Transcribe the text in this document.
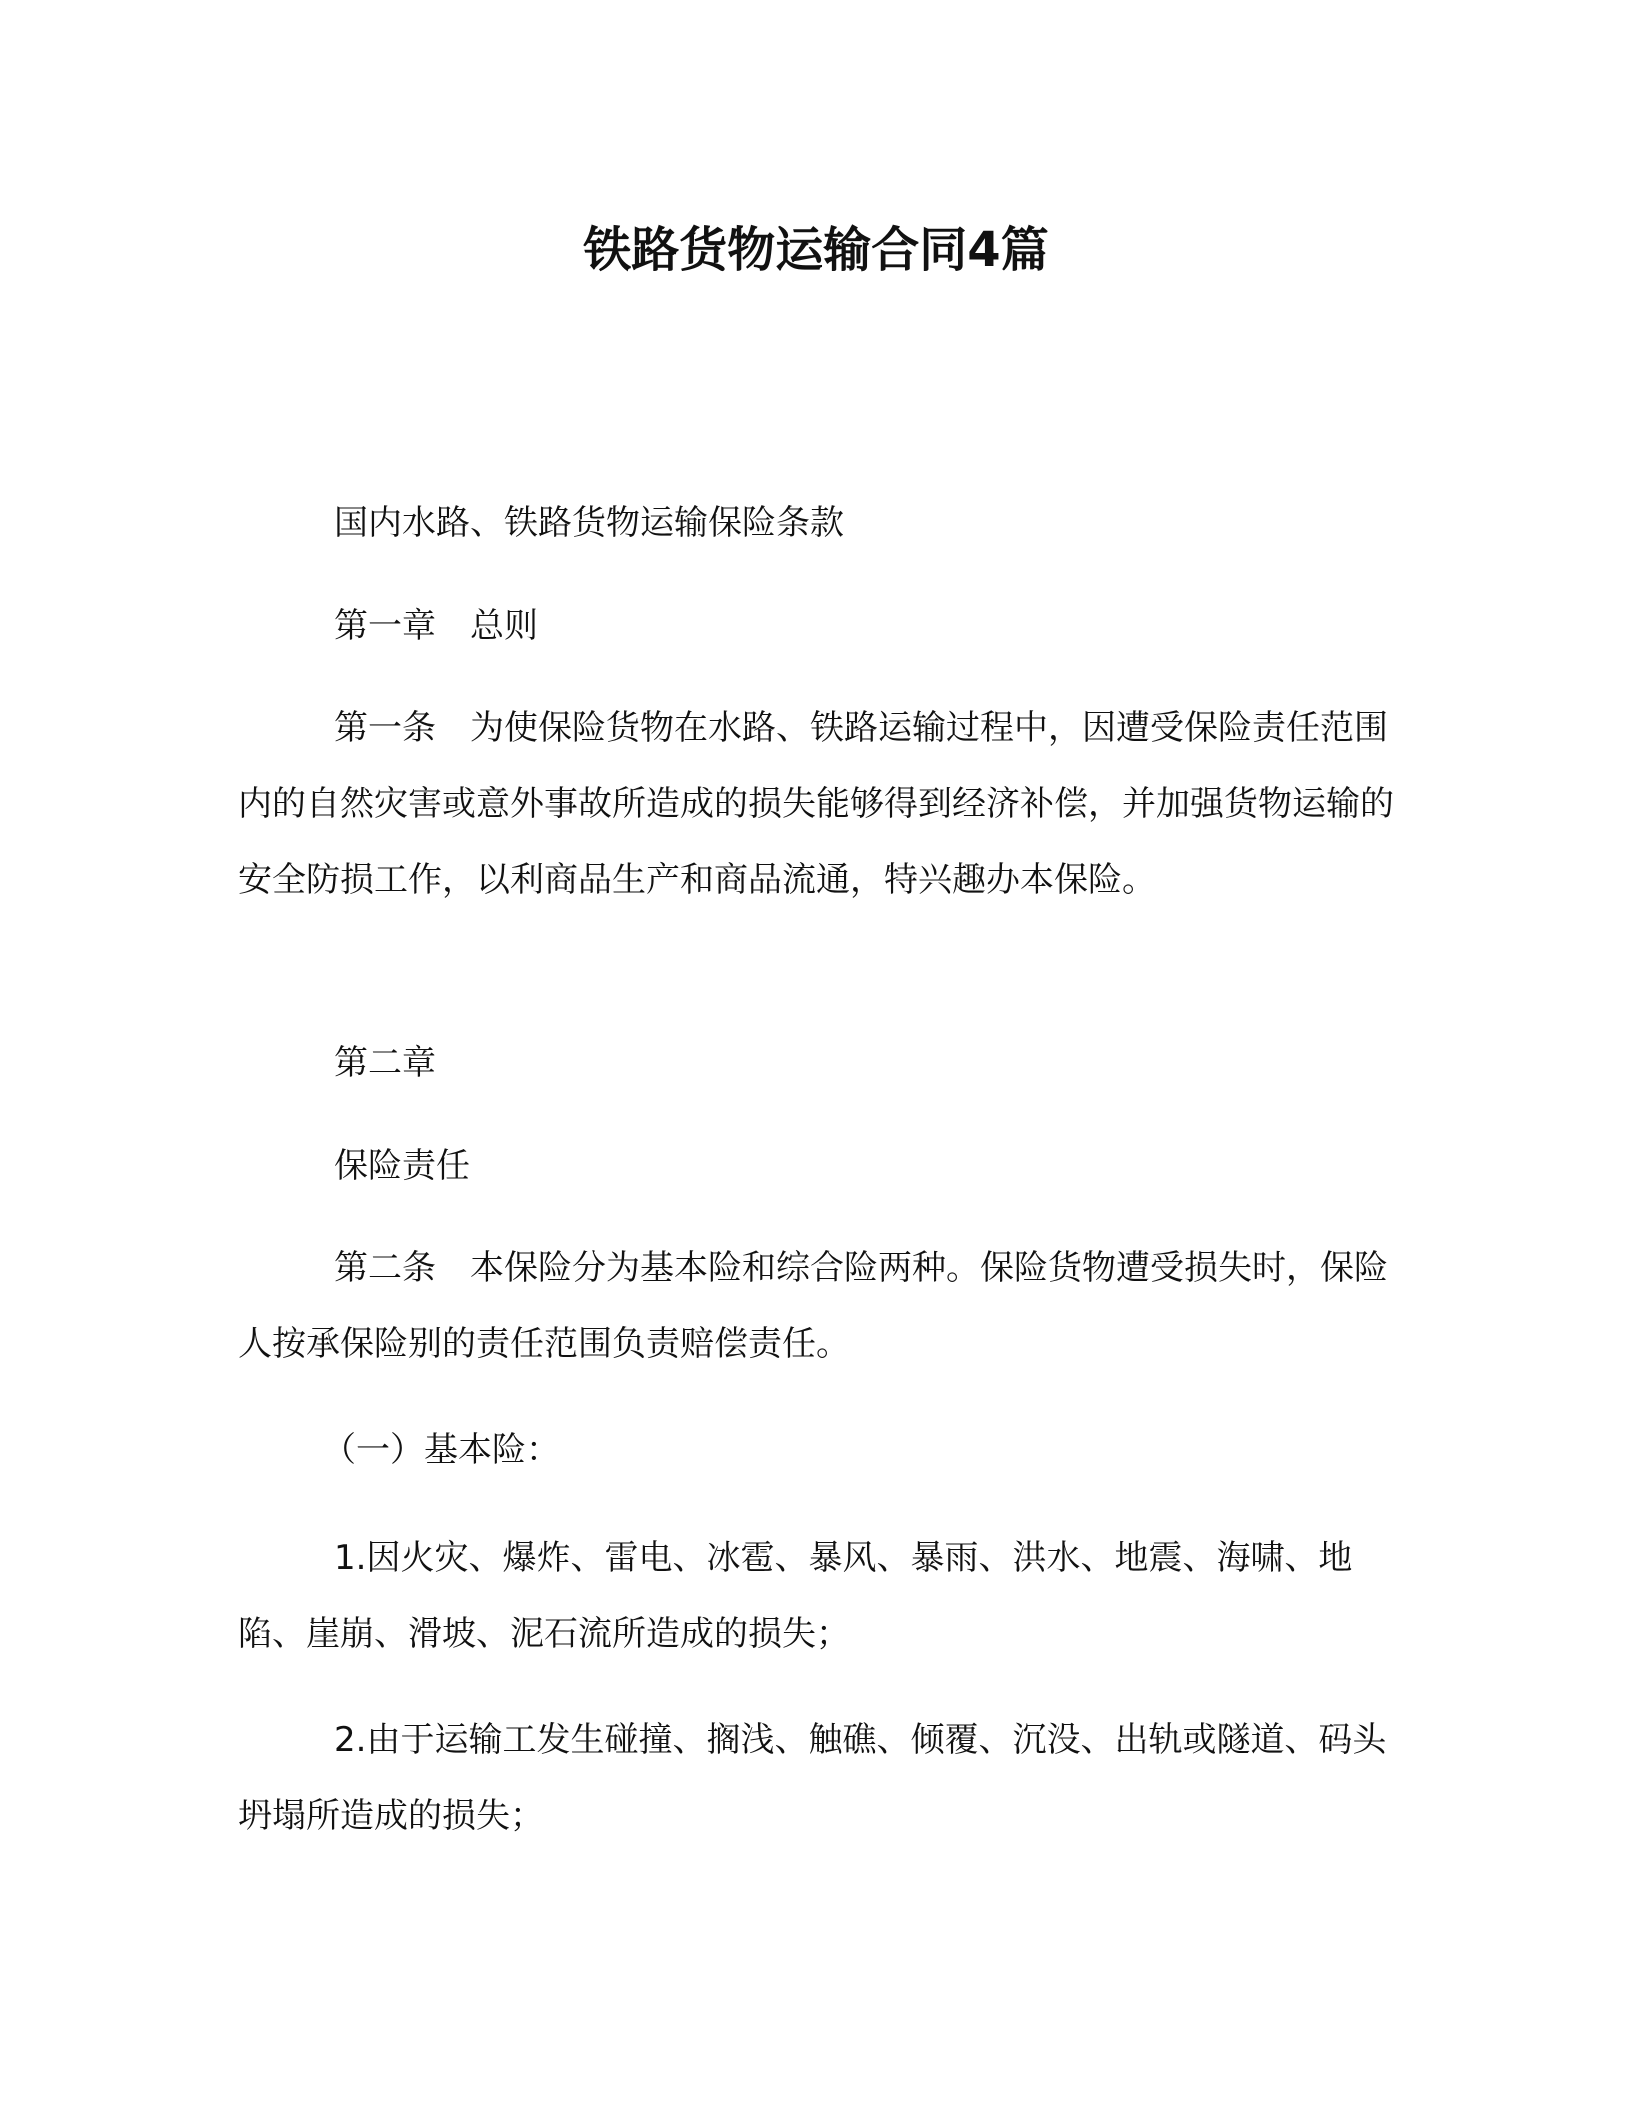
铁路货物运输合同4篇

国内水路、铁路货物运输保险条款

第一章　总则

第一条　为使保险货物在水路、铁路运输过程中，因遭受保险责任范围内的自然灾害或意外事故所造成的损失能够得到经济补偿，并加强货物运输的安全防损工作，以利商品生产和商品流通，特兴趣办本保险。

第二章

保险责任

第二条　本保险分为基本险和综合险两种。保险货物遭受损失时，保险人按承保险别的责任范围负责赔偿责任。

（一）基本险：

1.因火灾、爆炸、雷电、冰雹、暴风、暴雨、洪水、地震、海啸、地陷、崖崩、滑坡、泥石流所造成的损失；

2.由于运输工发生碰撞、搁浅、触礁、倾覆、沉没、出轨或隧道、码头坍塌所造成的损失；
